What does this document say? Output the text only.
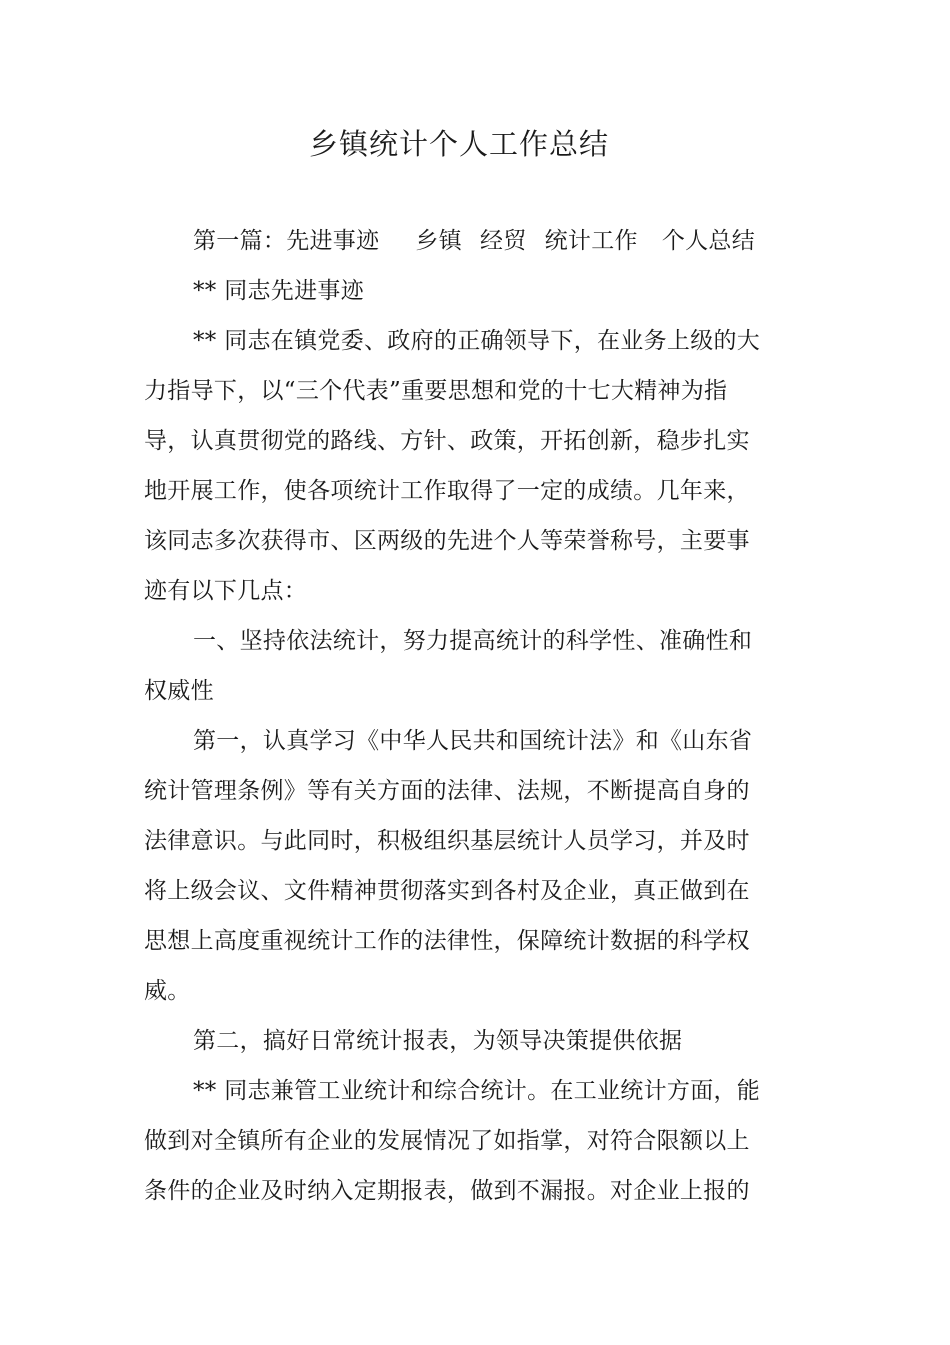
乡镇统计个人工作总结
第一篇：先进事迹 乡镇 经贸 统计工作 个人总结
** 同志先进事迹
** 同志在镇党委、政府的正确领导下，在业务上级的大
力指导下，以“三个代表”重要思想和党的十七大精神为指
导，认真贯彻党的路线、方针、政策，开拓创新，稳步扎实
地开展工作，使各项统计工作取得了一定的成绩。几年来，
该同志多次获得市、区两级的先进个人等荣誉称号，主要事
迹有以下几点：
一、坚持依法统计，努力提高统计的科学性、准确性和
权威性
第一，认真学习《中华人民共和国统计法》和《山东省
统计管理条例》等有关方面的法律、法规，不断提高自身的
法律意识。与此同时，积极组织基层统计人员学习，并及时
将上级会议、文件精神贯彻落实到各村及企业，真正做到在
思想上高度重视统计工作的法律性，保障统计数据的科学权
威。
第二，搞好日常统计报表，为领导决策提供依据
** 同志兼管工业统计和综合统计。在工业统计方面，能
做到对全镇所有企业的发展情况了如指掌，对符合限额以上
条件的企业及时纳入定期报表，做到不漏报。对企业上报的
